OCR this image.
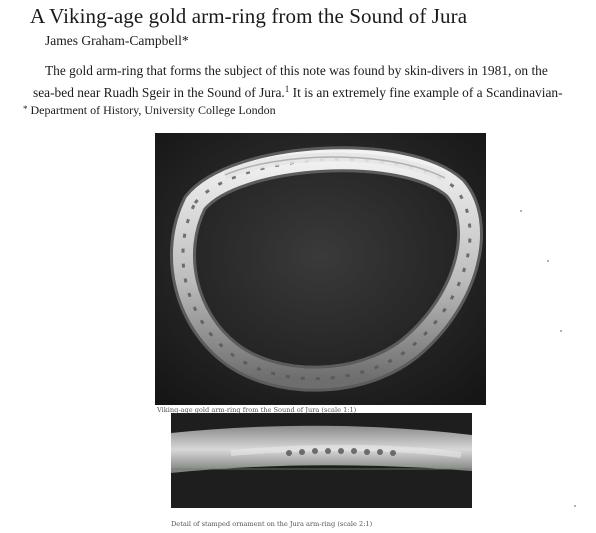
A Viking-age gold arm-ring from the Sound of Jura
James Graham-Campbell*

The gold arm-ring that forms the subject of this note was found by skin-divers in 1981, on the
sea-bed near Ruadh Sgeir in the Sound of Jura.$^1$ It is an extremely fine example of a Scandinavian-

* Department of History, University College London
Viking-age gold arm-ring from the Sound of Jura (scale 1:1)
Detail of stamped ornament on the Jura arm-ring (scale 2:1)
